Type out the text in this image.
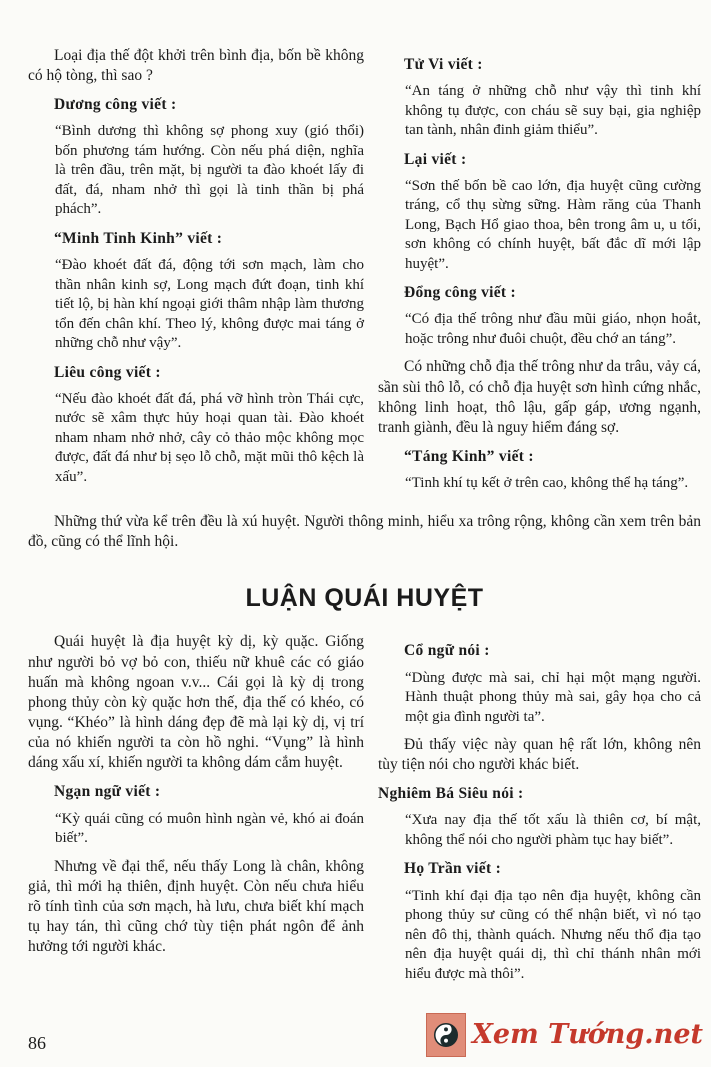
Loại địa thế đột khởi trên bình địa, bốn bề không có hộ tòng, thì sao ?

Dương công viết :

“Bình dương thì không sợ phong xuy (gió thổi) bốn phương tám hướng. Còn nếu phá diện, nghĩa là trên đầu, trên mặt, bị người ta đào khoét lấy đi đất, đá, nham nhở thì gọi là tinh thần bị phá phách”.

“Minh Tinh Kinh” viết :

“Đào khoét đất đá, động tới sơn mạch, làm cho thần nhân kinh sợ, Long mạch đứt đoạn, tinh khí tiết lộ, bị hàn khí ngoại giới thâm nhập làm thương tổn đến chân khí. Theo lý, không được mai táng ở những chỗ như vậy”.

Liêu công viết :

“Nếu đào khoét đất đá, phá vỡ hình tròn Thái cực, nước sẽ xâm thực hủy hoại quan tài. Đào khoét nham nham nhở nhở, cây cỏ thảo mộc không mọc được, đất đá như bị sẹo lỗ chỗ, mặt mũi thô kệch là xấu”.

Tử Vi viết :

“An táng ở những chỗ như vậy thì tinh khí không tụ được, con cháu sẽ suy bại, gia nghiệp tan tành, nhân đinh giảm thiểu”.

Lại viết :

“Sơn thế bốn bề cao lớn, địa huyệt cũng cường tráng, cổ thụ sừng sững. Hàm răng của Thanh Long, Bạch Hổ giao thoa, bên trong âm u, u tối, sơn không có chính huyệt, bất đắc dĩ mới lập huyệt”.

Đổng công viết :

“Có địa thế trông như đầu mũi giáo, nhọn hoắt, hoặc trông như đuôi chuột, đều chớ an táng”.

Có những chỗ địa thế trông như da trâu, vảy cá, sần sùi thô lỗ, có chỗ địa huyệt sơn hình cứng nhắc, không linh hoạt, thô lậu, gấp gáp, ương ngạnh, tranh giành, đều là nguy hiểm đáng sợ.

“Táng Kinh” viết :

“Tinh khí tụ kết ở trên cao, không thể hạ táng”.

Những thứ vừa kể trên đều là xú huyệt. Người thông minh, hiểu xa trông rộng, không cần xem trên bản đồ, cũng có thể lĩnh hội.

LUẬN QUÁI HUYỆT

Quái huyệt là địa huyệt kỳ dị, kỳ quặc. Giống như người bỏ vợ bỏ con, thiếu nữ khuê các có giáo huấn mà không ngoan v.v... Cái gọi là kỳ dị trong phong thủy còn kỳ quặc hơn thế, địa thế có khéo, có vụng. “Khéo” là hình dáng đẹp đẽ mà lại kỳ dị, vị trí của nó khiến người ta còn hồ nghi. “Vụng” là hình dáng xấu xí, khiến người ta không dám cắm huyệt.

Ngạn ngữ viết :

“Kỳ quái cũng có muôn hình ngàn vẻ, khó ai đoán biết”.

Nhưng về đại thể, nếu thấy Long là chân, không giả, thì mới hạ thiên, định huyệt. Còn nếu chưa hiểu rõ tính tình của sơn mạch, hà lưu, chưa biết khí mạch tụ hay tán, thì cũng chớ tùy tiện phát ngôn để ảnh hưởng tới người khác.

Cổ ngữ nói :

“Dùng được mà sai, chỉ hại một mạng người. Hành thuật phong thủy mà sai, gây họa cho cả một gia đình người ta”.

Đủ thấy việc này quan hệ rất lớn, không nên tùy tiện nói cho người khác biết.

Nghiêm Bá Siêu nói :

“Xưa nay địa thế tốt xấu là thiên cơ, bí mật, không thể nói cho người phàm tục hay biết”.

Họ Trần viết :

“Tinh khí đại địa tạo nên địa huyệt, không cần phong thủy sư cũng có thể nhận biết, vì nó tạo nên đô thị, thành quách. Nhưng nếu thổ địa tạo nên địa huyệt quái dị, thì chỉ thánh nhân mới hiểu được mà thôi”.

86	Xem Tướng.net
